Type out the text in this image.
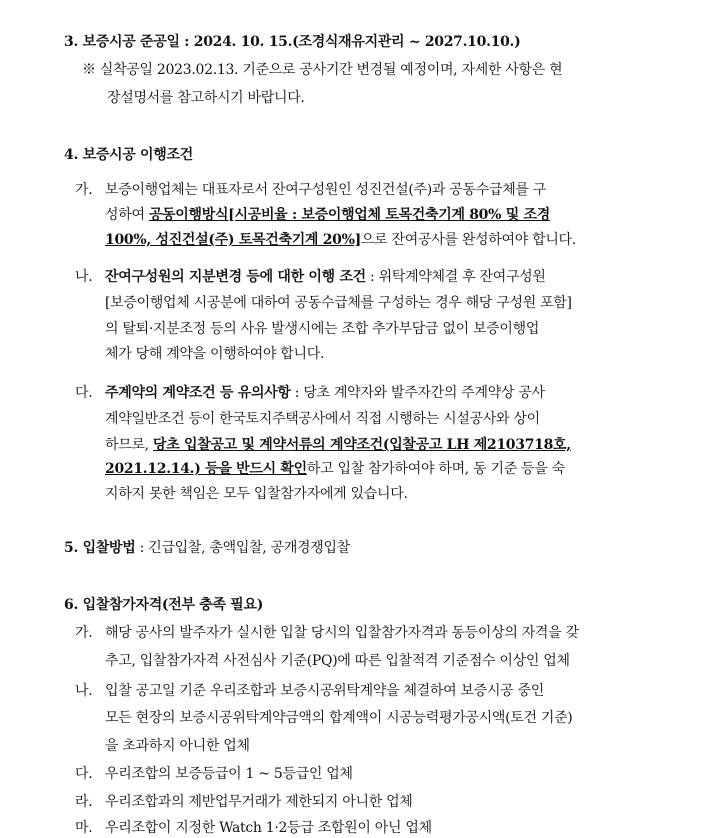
3. 보증시공 준공일 : 2024. 10. 15.(조경식재유지관리 ~ 2027.10.10.)
※ 실착공일 2023.02.13. 기준으로 공사기간 변경될 예정이며, 자세한 사항은 현
장설명서를 참고하시기 바랍니다.
4. 보증시공 이행조건
가. 보증이행업체는 대표자로서 잔여구성원인 성진건설(주)과 공동수급체를 구
성하여 공동이행방식[시공비율 : 보증이행업체 토목건축기계 80% 및 조경
100%, 성진건설(주) 토목건축기계 20%]으로 잔여공사를 완성하여야 합니다.
나. 잔여구성원의 지분변경 등에 대한 이행 조건 : 위탁계약체결 후 잔여구성원
[보증이행업체 시공분에 대하여 공동수급체를 구성하는 경우 해당 구성원 포함]
의 탈퇴·지분조정 등의 사유 발생시에는 조합 추가부담금 없이 보증이행업
체가 당해 계약을 이행하여야 합니다.
다. 주계약의 계약조건 등 유의사항 : 당초 계약자와 발주자간의 주계약상 공사
계약일반조건 등이 한국토지주택공사에서 직접 시행하는 시설공사와 상이
하므로, 당초 입찰공고 및 계약서류의 계약조건(입찰공고 LH 제2103718호,
2021.12.14.) 등을 반드시 확인하고 입찰 참가하여야 하며, 동 기준 등을 숙
지하지 못한 책임은 모두 입찰참가자에게 있습니다.
5. 입찰방법 : 긴급입찰, 총액입찰, 공개경쟁입찰
6. 입찰참가자격(전부 충족 필요)
가. 해당 공사의 발주자가 실시한 입찰 당시의 입찰참가자격과 동등이상의 자격을 갖
추고, 입찰참가자격 사전심사 기준(PQ)에 따른 입찰적격 기준점수 이상인 업체
나. 입찰 공고일 기준 우리조합과 보증시공위탁계약을 체결하여 보증시공 중인
모든 현장의 보증시공위탁계약금액의 합계액이 시공능력평가공시액(토건 기준)
을 초과하지 아니한 업체
다. 우리조합의 보증등급이 1 ~ 5등급인 업체
라. 우리조합과의 제반업무거래가 제한되지 아니한 업체
마. 우리조합이 지정한 Watch 1·2등급 조합원이 아닌 업체
